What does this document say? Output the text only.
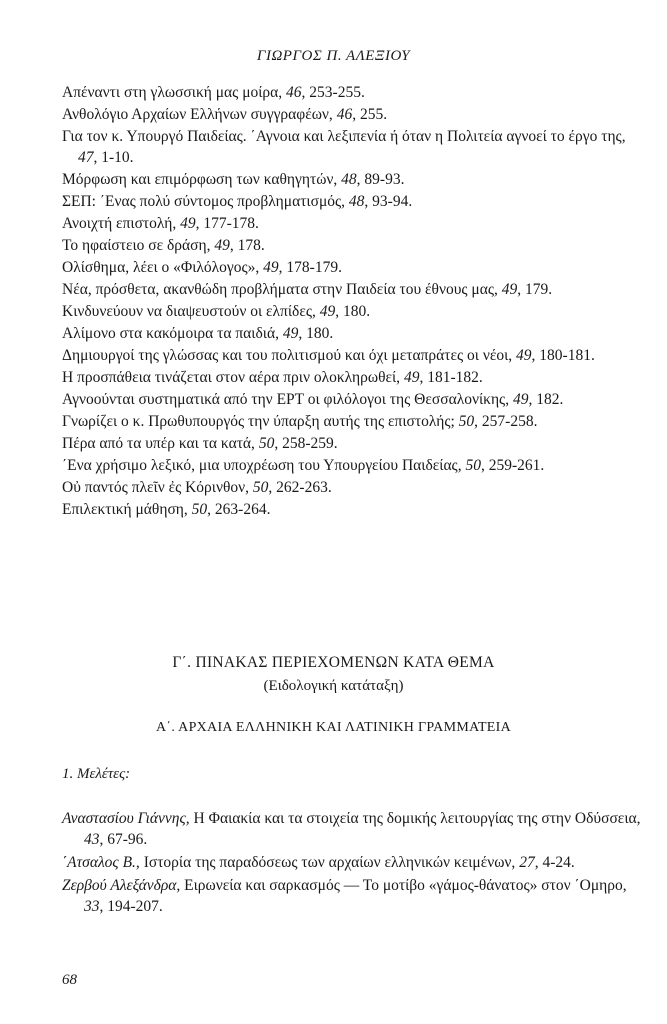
ΓΙΩΡΓΟΣ Π. ΑΛΕΞΙΟΥ
Απέναντι στη γλωσσική μας μοίρα, 46, 253-255.
Ανθολόγιο Αρχαίων Ελλήνων συγγραφέων, 46, 255.
Για τον κ. Υπουργό Παιδείας. ΄Αγνοια και λεξιπενία ή όταν η Πολιτεία αγνοεί το έργο της, 47, 1-10.
Μόρφωση και επιμόρφωση των καθηγητών, 48, 89-93.
ΣΕΠ: ΄Ενας πολύ σύντομος προβληματισμός, 48, 93-94.
Ανοιχτή επιστολή, 49, 177-178.
Το ηφαίστειο σε δράση, 49, 178.
Ολίσθημα, λέει ο «Φιλόλογος», 49, 178-179.
Νέα, πρόσθετα, ακανθώδη προβλήματα στην Παιδεία του έθνους μας, 49, 179.
Κινδυνεύουν να διαψευστούν οι ελπίδες, 49, 180.
Αλίμονο στα κακόμοιρα τα παιδιά, 49, 180.
Δημιουργοί της γλώσσας και του πολιτισμού και όχι μεταπράτες οι νέοι, 49, 180-181.
Η προσπάθεια τινάζεται στον αέρα πριν ολοκληρωθεί, 49, 181-182.
Αγνοούνται συστηματικά από την ΕΡΤ οι φιλόλογοι της Θεσσαλονίκης, 49, 182.
Γνωρίζει ο κ. Πρωθυπουργός την ύπαρξη αυτής της επιστολής; 50, 257-258.
Πέρα από τα υπέρ και τα κατά, 50, 258-259.
΄Ενα χρήσιμο λεξικό, μια υποχρέωση του Υπουργείου Παιδείας, 50, 259-261.
Οὐ παντός πλεῖν ἐς Κόρινθον, 50, 262-263.
Επιλεκτική μάθηση, 50, 263-264.
Γ΄. ΠΙΝΑΚΑΣ ΠΕΡΙΕΧΟΜΕΝΩΝ ΚΑΤΑ ΘΕΜΑ
(Ειδολογική κατάταξη)
Α΄. ΑΡΧΑΙΑ ΕΛΛΗΝΙΚΗ ΚΑΙ ΛΑΤΙΝΙΚΗ ΓΡΑΜΜΑΤΕΙΑ
1. Μελέτες:
Αναστασίου Γιάννης, Η Φαιακία και τα στοιχεία της δομικής λειτουργίας της στην Οδύσσεια, 43, 67-96.
΄Ατσαλος Β., Ιστορία της παραδόσεως των αρχαίων ελληνικών κειμένων, 27, 4-24.
Ζερβού Αλεξάνδρα, Ειρωνεία και σαρκασμός — Το μοτίβο «γάμος-θάνατος» στον ΄Ομηρο, 33, 194-207.
68
